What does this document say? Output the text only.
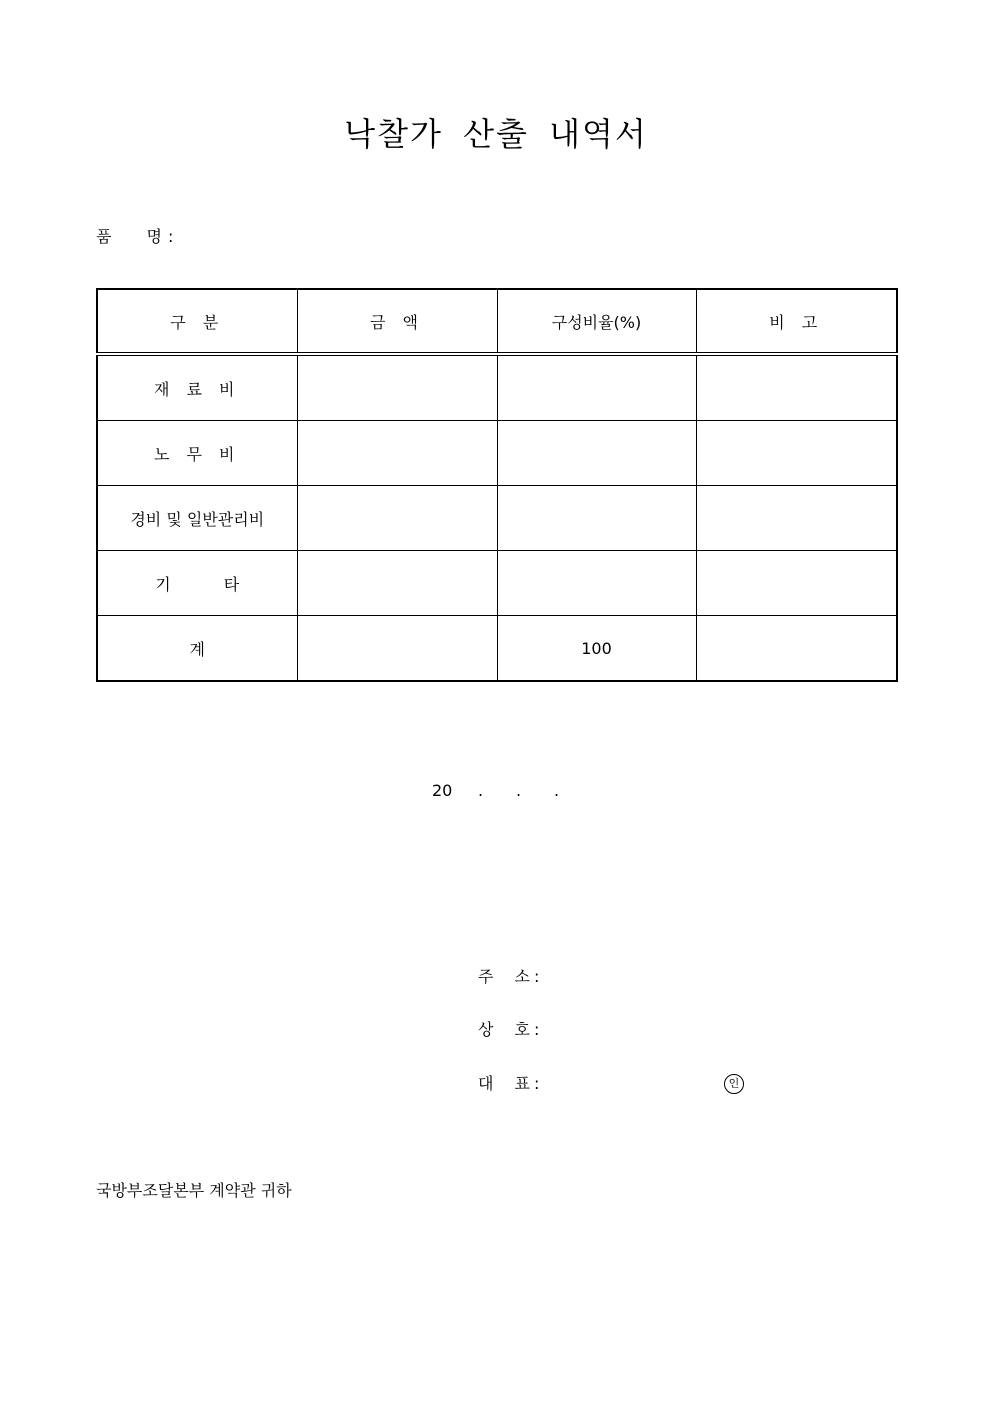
낙찰가 산출 내역서
품 명 :
구 분	금 액	구성비율(%)	비 고
재 료 비			
노 무 비			
경비 및 일반관리비			
기 타			
계		100	
20	.	.	.
주 소 :
상 호 :
대 표 :	인
국방부조달본부 계약관 귀하
